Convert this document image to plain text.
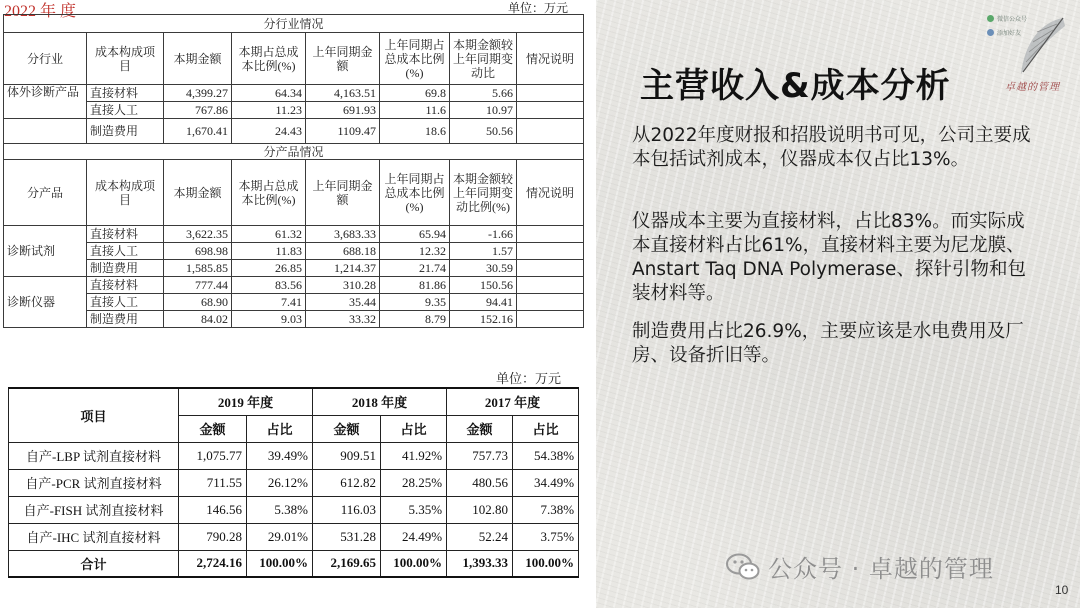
2022 年 度	单位：万元
分行业情况							
分行业	成本构成项目	本期金额	本期占总成本比例(%)	上年同期金额	上年同期占总成本比例(%)	本期金额较上年同期变动比	情况说明
体外诊断产品	直接材料	4,399.27	64.34	4,163.51	69.8	5.66	
	直接人工	767.86	11.23	691.93	11.6	10.97	
	制造费用	1,670.41	24.43	1109.47	18.6	50.56	
分产品情况							
分产品	成本构成项目	本期金额	本期占总成本比例(%)	上年同期金额	上年同期占总成本比例(%)	本期金额较上年同期变动比例(%)	情况说明
诊断试剂	直接材料	3,622.35	61.32	3,683.33	65.94	-1.66	
	直接人工	698.98	11.83	688.18	12.32	1.57	
	制造费用	1,585.85	26.85	1,214.37	21.74	30.59	
诊断仪器	直接材料	777.44	83.56	310.28	81.86	150.56	
	直接人工	68.90	7.41	35.44	9.35	94.41	
	制造费用	84.02	9.03	33.32	8.79	152.16	
单位：万元
项目	2019 年度		2018 年度		2017 年度	
	金额	占比	金额	占比	金额	占比
自产-LBP 试剂直接材料	1,075.77	39.49%	909.51	41.92%	757.73	54.38%
自产-PCR 试剂直接材料	711.55	26.12%	612.82	28.25%	480.56	34.49%
自产-FISH 试剂直接材料	146.56	5.38%	116.03	5.35%	102.80	7.38%
自产-IHC 试剂直接材料	790.28	29.01%	531.28	24.49%	52.24	3.75%
合计	2,724.16	100.00%	2,169.65	100.00%	1,393.33	100.00%
微信公众号
添加好友
卓越的管理
主营收入&成本分析
从2022年度财报和招股说明书可见，公司主要成本包括试剂成本，仪器成本仅占比13%。
仪器成本主要为直接材料，占比83%。而实际成本直接材料占比61%，直接材料主要为尼龙膜、Anstart Taq DNA Polymerase、探针引物和包装材料等。
制造费用占比26.9%，主要应该是水电费用及厂房、设备折旧等。
公众号 · 卓越的管理
10
